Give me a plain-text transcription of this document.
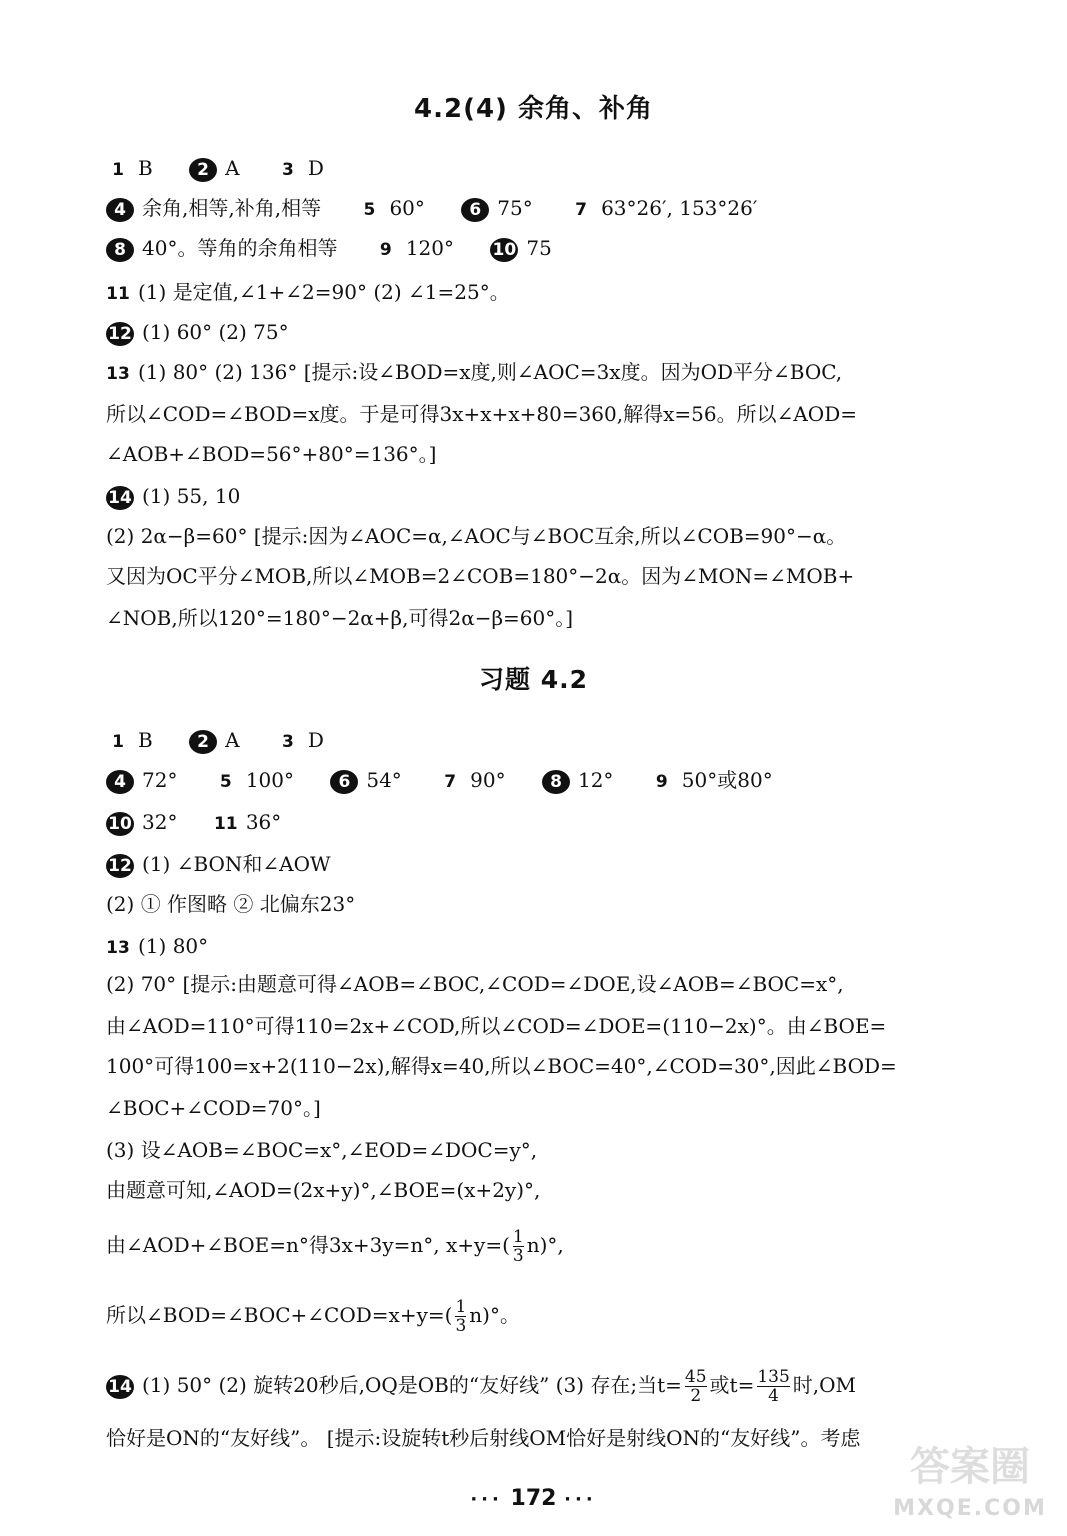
4.2(4) 余角、补角
1 B	2 A 3 D
4 余角,相等,补角,相等 5 60°	6 75° 7 63°26′, 153°26′
8 40°。等角的余角相等 9 120° 10 75
11 (1) 是定值,∠1+∠2=90° (2) ∠1=25°。
12 (1) 60° (2) 75°
13 (1) 80° (2) 136° [提示:设∠BOD=x度,则∠AOC=3x度。因为OD平分∠BOC,
所以∠COD=∠BOD=x度。于是可得3x+x+x+80=360,解得x=56。所以∠AOD=
∠AOB+∠BOD=56°+80°=136°。]
14 (1) 55, 10
(2) 2α−β=60° [提示:因为∠AOC=α,∠AOC与∠BOC互余,所以∠COB=90°−α。
又因为OC平分∠MOB,所以∠MOB=2∠COB=180°−2α。因为∠MON=∠MOB+
∠NOB,所以120°=180°−2α+β,可得2α−β=60°。]
习题 4.2
1 B	2 A 3 D
4 72° 5 100°	6 54° 7 90°	8 12° 9 50°或80°
10 32° 11 36°
12 (1) ∠BON和∠AOW
(2) ① 作图略 ② 北偏东23°
13 (1) 80°
(2) 70° [提示:由题意可得∠AOB=∠BOC,∠COD=∠DOE,设∠AOB=∠BOC=x°,
由∠AOD=110°可得110=2x+∠COD,所以∠COD=∠DOE=(110−2x)°。由∠BOE=
100°可得100=x+2(110−2x),解得x=40,所以∠BOC=40°,∠COD=30°,因此∠BOD=
∠BOC+∠COD=70°。]
(3) 设∠AOB=∠BOC=x°,∠EOD=∠DOC=y°,
由题意可知,∠AOD=(2x+y)°,∠BOE=(x+2y)°,
由∠AOD+∠BOE=n°得3x+3y=n°, $x+y=( \frac{1}{3} n)^\circ$,
所以∠BOD=∠BOC+∠COD=x+y=( $\frac{1}{3} n)^\circ$。
14 (1) 50° (2) 旋转20秒后,OQ是OB的“友好线” (3) 存在;当$t= \frac{45}{2}$ 或$t= \frac{135}{4}$ 时,OM
恰好是ON的“友好线”。 [提示:设旋转t秒后射线OM恰好是射线ON的“友好线”。考虑
··· 172 ···
答案圈
MXQE.COM
